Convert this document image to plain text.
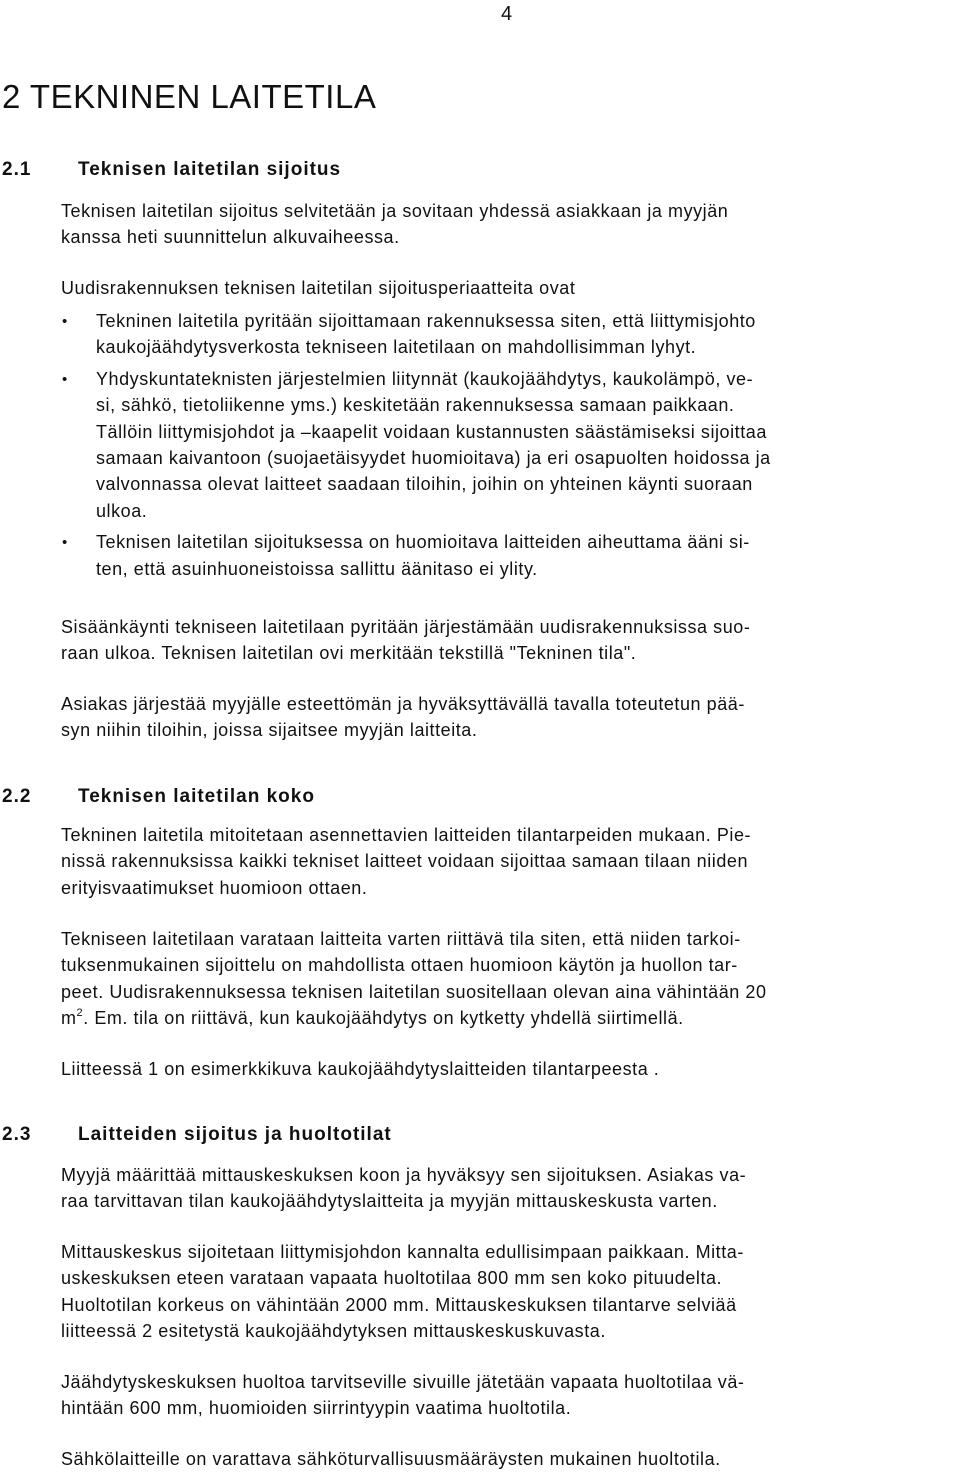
4
2 TEKNINEN LAITETILA
2.1 Teknisen laitetilan sijoitus

Teknisen laitetilan sijoitus selvitetään ja sovitaan yhdessä asiakkaan ja myyjän
kanssa heti suunnittelun alkuvaiheessa.

Uudisrakennuksen teknisen laitetilan sijoitusperiaatteita ovat

• Tekninen laitetila pyritään sijoittamaan rakennuksessa siten, että liittymisjohto
kaukojäähdytysverkosta tekniseen laitetilaan on mahdollisimman lyhyt.
• Yhdyskuntateknisten järjestelmien liitynnät (kaukojäähdytys, kaukolämpö, ve-
si, sähkö, tietoliikenne yms.) keskitetään rakennuksessa samaan paikkaan.
Tällöin liittymisjohdot ja –kaapelit voidaan kustannusten säästämiseksi sijoittaa
samaan kaivantoon (suojaetäisyydet huomioitava) ja eri osapuolten hoidossa ja
valvonnassa olevat laitteet saadaan tiloihin, joihin on yhteinen käynti suoraan
ulkoa.
• Teknisen laitetilan sijoituksessa on huomioitava laitteiden aiheuttama ääni si-
ten, että asuinhuoneistoissa sallittu äänitaso ei ylity.

Sisäänkäynti tekniseen laitetilaan pyritään järjestämään uudisrakennuksissa suo-
raan ulkoa. Teknisen laitetilan ovi merkitään tekstillä "Tekninen tila".

Asiakas järjestää myyjälle esteettömän ja hyväksyttävällä tavalla toteutetun pää-
syn niihin tiloihin, joissa sijaitsee myyjän laitteita.

2.2 Teknisen laitetilan koko

Tekninen laitetila mitoitetaan asennettavien laitteiden tilantarpeiden mukaan. Pie-
nissä rakennuksissa kaikki tekniset laitteet voidaan sijoittaa samaan tilaan niiden
erityisvaatimukset huomioon ottaen.

Tekniseen laitetilaan varataan laitteita varten riittävä tila siten, että niiden tarkoi-
tuksenmukainen sijoittelu on mahdollista ottaen huomioon käytön ja huollon tar-
peet. Uudisrakennuksessa teknisen laitetilan suositellaan olevan aina vähintään 20
$m^2$. Em. tila on riittävä, kun kaukojäähdytys on kytketty yhdellä siirtimellä.

Liitteessä 1 on esimerkkikuva kaukojäähdytyslaitteiden tilantarpeesta .

2.3 Laitteiden sijoitus ja huoltotilat

Myyjä määrittää mittauskeskuksen koon ja hyväksyy sen sijoituksen. Asiakas va-
raa tarvittavan tilan kaukojäähdytyslaitteita ja myyjän mittauskeskusta varten.

Mittauskeskus sijoitetaan liittymisjohdon kannalta edullisimpaan paikkaan. Mitta-
uskeskuksen eteen varataan vapaata huoltotilaa 800 mm sen koko pituudelta.
Huoltotilan korkeus on vähintään 2000 mm. Mittauskeskuksen tilantarve selviää
liitteessä 2 esitetystä kaukojäähdytyksen mittauskeskuskuvasta.

Jäähdytyskeskuksen huoltoa tarvitseville sivuille jätetään vapaata huoltotilaa vä-
hintään 600 mm, huomioiden siirrintyypin vaatima huoltotila.

Sähkölaitteille on varattava sähköturvallisuusmääräysten mukainen huoltotila.
